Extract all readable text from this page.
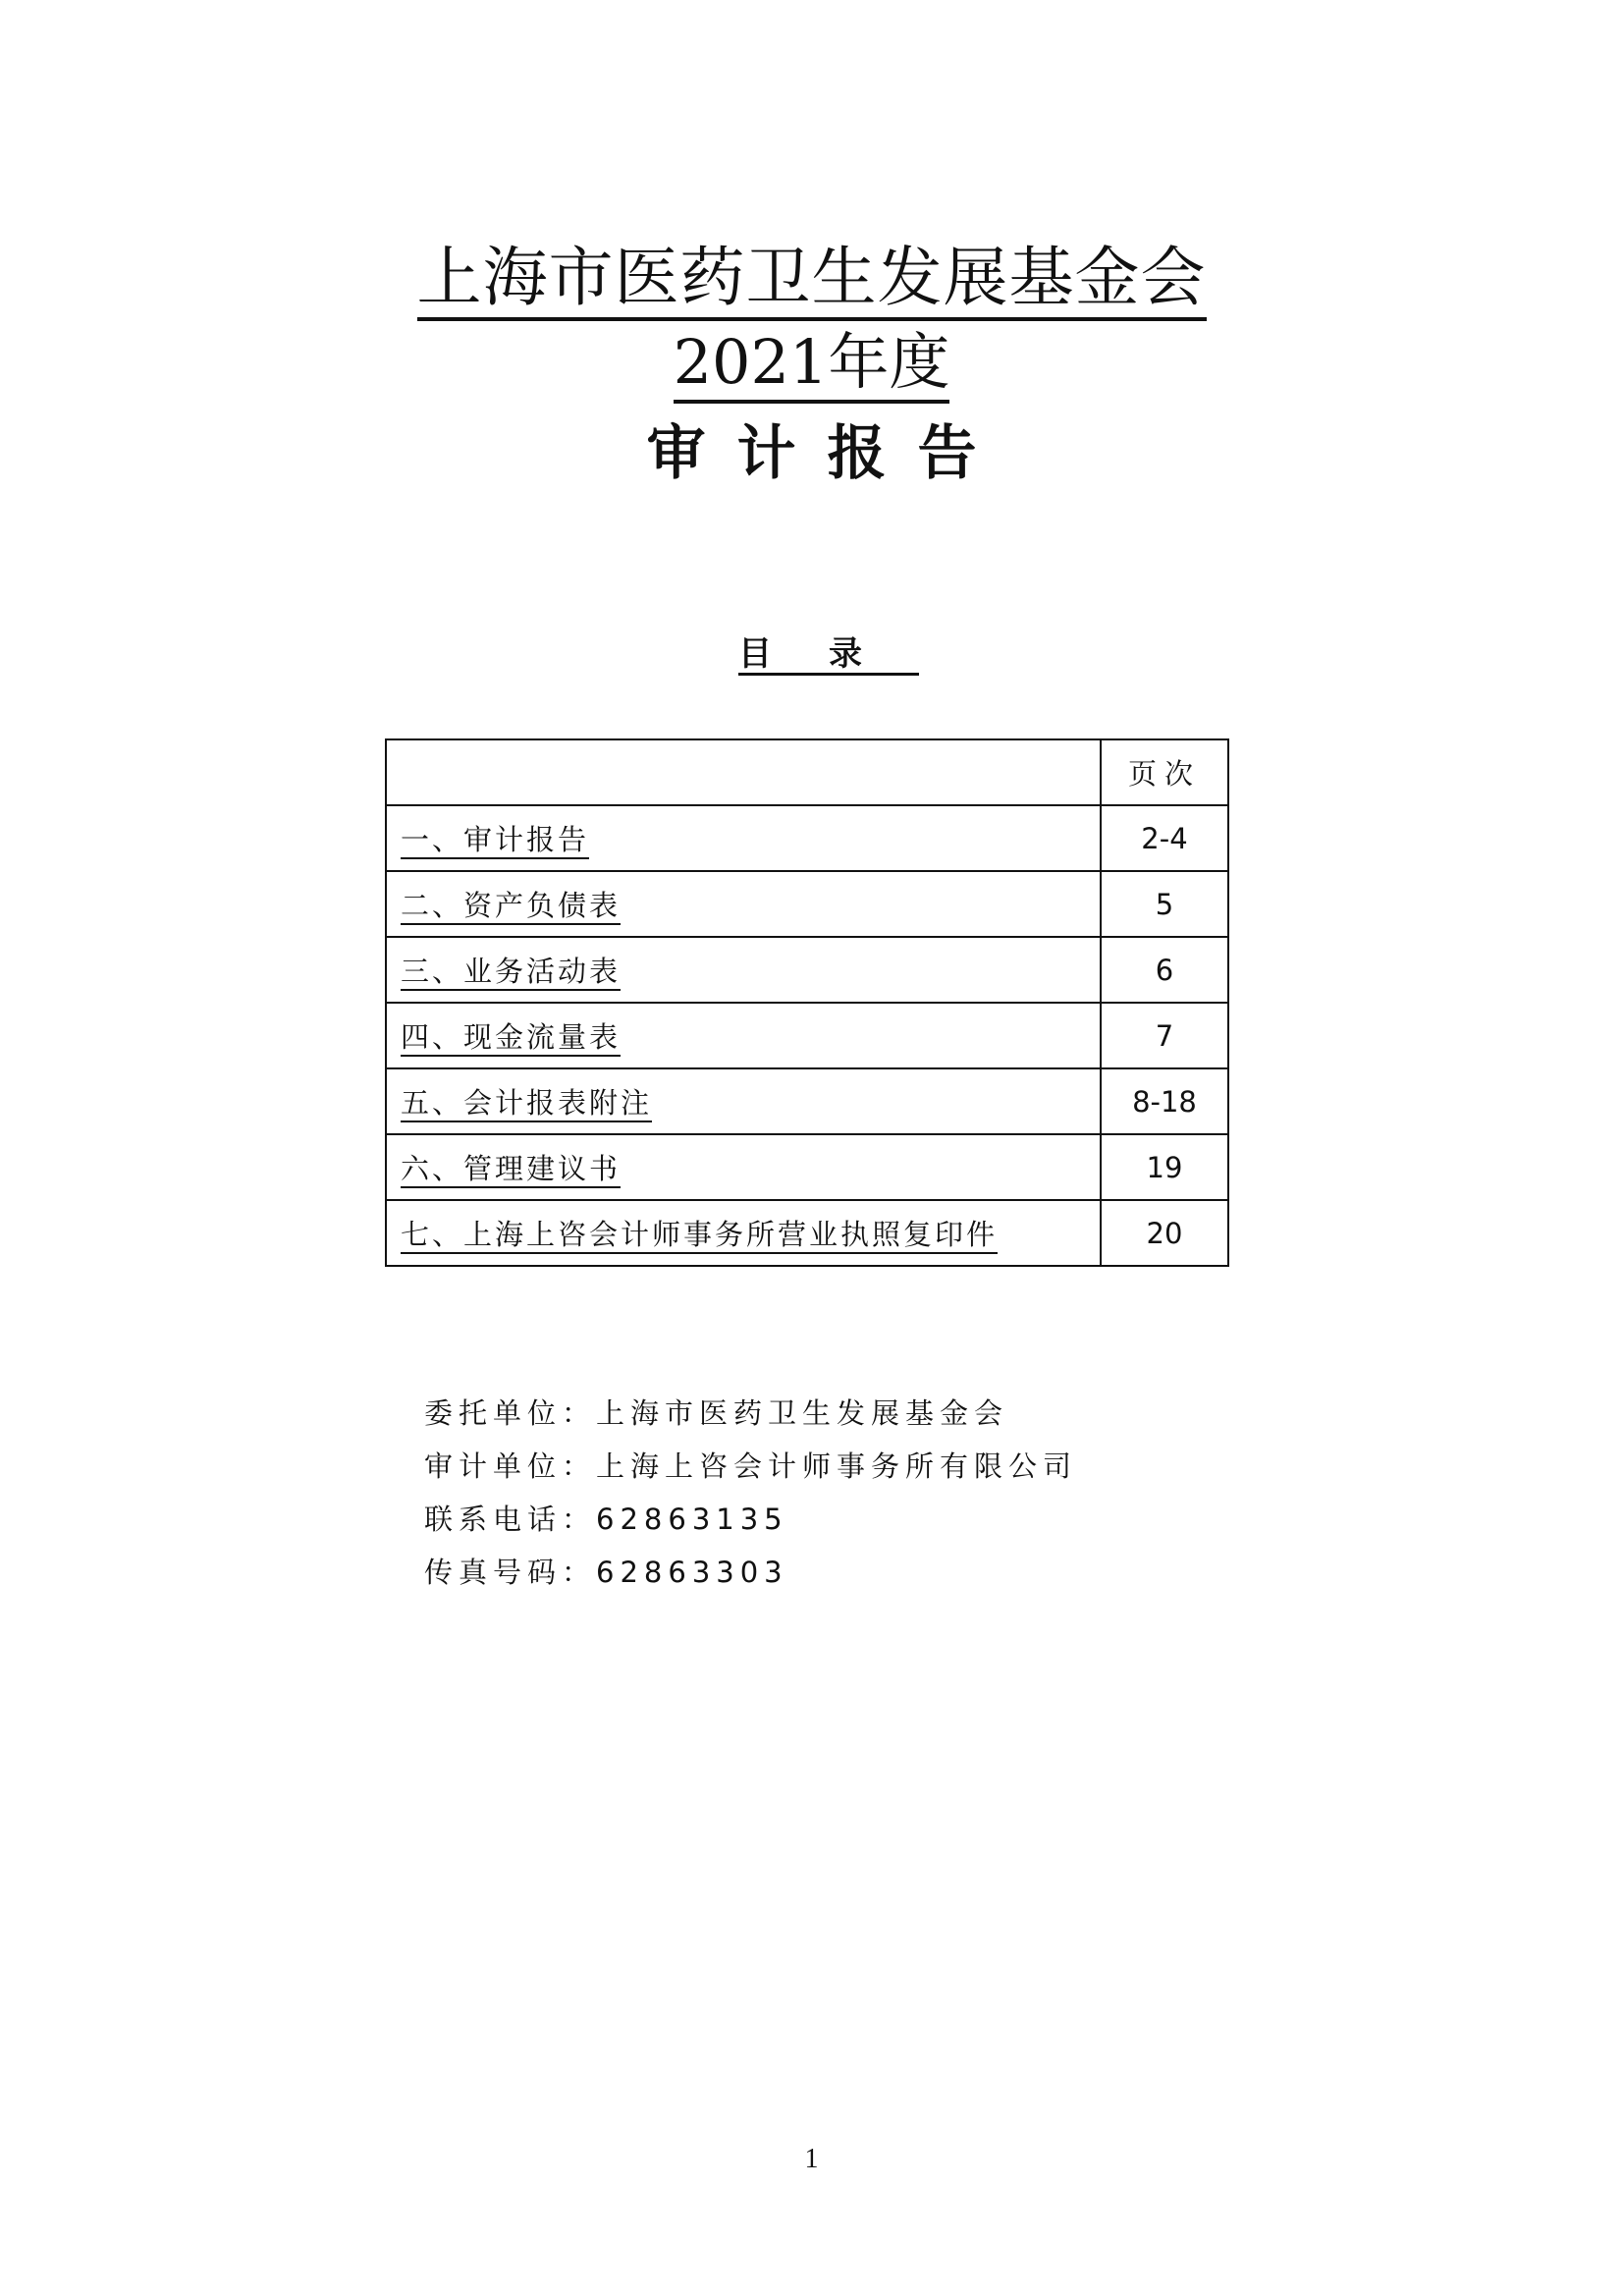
上海市医药卫生发展基金会
2021年度
审计报告
目录
	页次
一、审计报告	2-4
二、资产负债表	5
三、业务活动表	6
四、现金流量表	7
五、会计报表附注	8-18
六、管理建议书	19
七、上海上咨会计师事务所营业执照复印件	20
委托单位：上海市医药卫生发展基金会
审计单位：上海上咨会计师事务所有限公司
联系电话：62863135
传真号码：62863303
1
